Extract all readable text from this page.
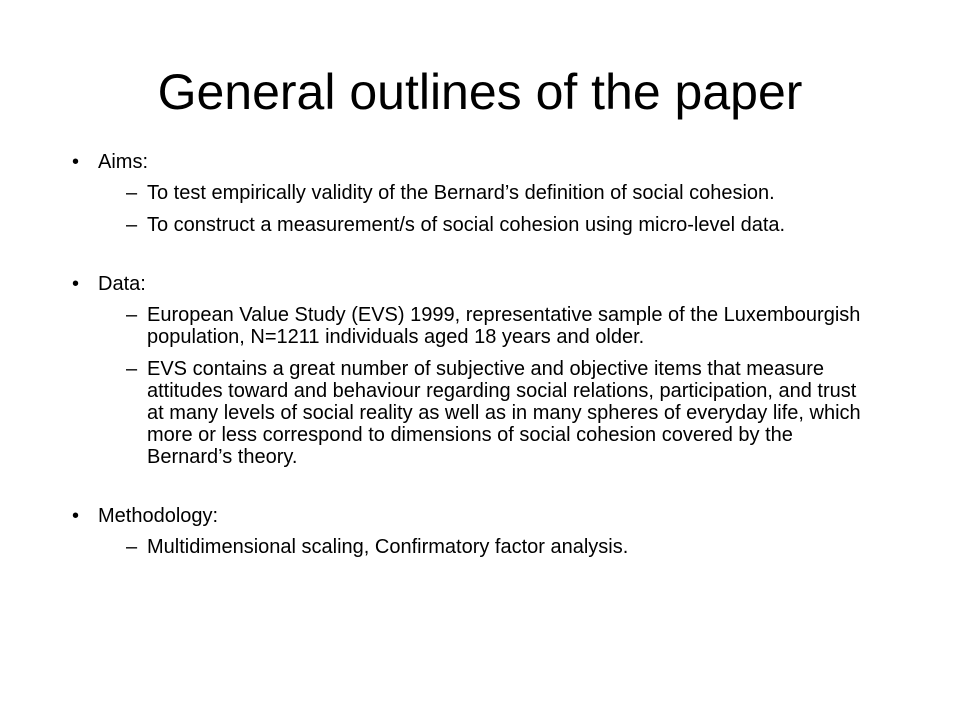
General outlines of the paper
• Aims:
– To test empirically validity of the Bernard’s definition of social cohesion.
– To construct a measurement/s of social cohesion using micro-level data.
• Data:
– European Value Study (EVS) 1999, representative sample of the Luxembourgish population, N=1211 individuals aged 18 years and older.
– EVS contains a great number of subjective and objective items that measure attitudes toward and behaviour regarding social relations, participation, and trust at many levels of social reality as well as in many spheres of everyday life, which more or less correspond to dimensions of social cohesion covered by the Bernard’s theory.
• Methodology:
– Multidimensional scaling, Confirmatory factor analysis.
